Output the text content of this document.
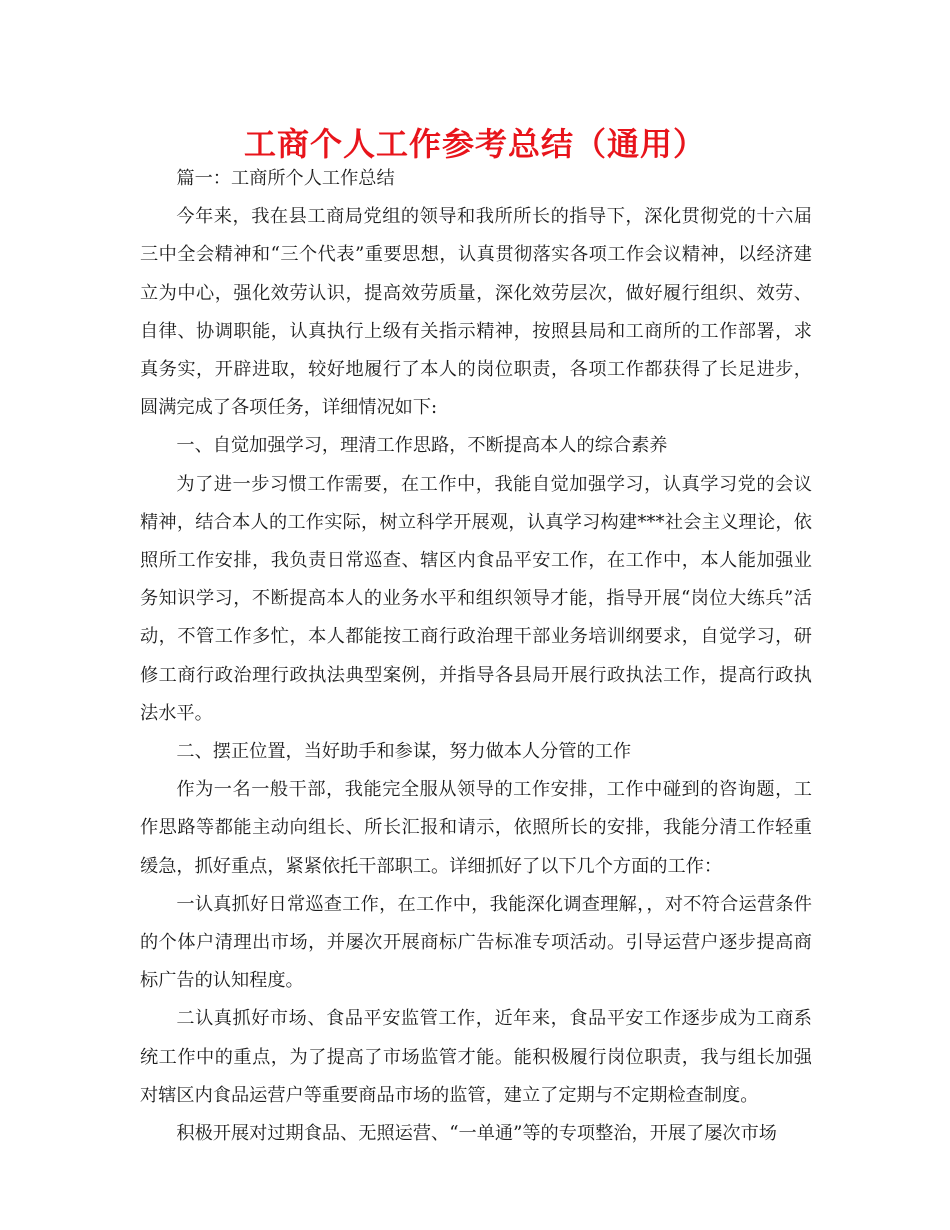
工商个人工作参考总结（通用）

篇一：工商所个人工作总结

今年来，我在县工商局党组的领导和我所所长的指导下，深化贯彻党的十六届三中全会精神和“三个代表”重要思想，认真贯彻落实各项工作会议精神，以经济建立为中心，强化效劳认识，提高效劳质量，深化效劳层次，做好履行组织、效劳、自律、协调职能，认真执行上级有关指示精神，按照县局和工商所的工作部署，求真务实，开辟进取，较好地履行了本人的岗位职责，各项工作都获得了长足进步，圆满完成了各项任务，详细情况如下:

一、自觉加强学习，理清工作思路，不断提高本人的综合素养

为了进一步习惯工作需要，在工作中，我能自觉加强学习，认真学习党的会议精神，结合本人的工作实际，树立科学开展观，认真学习构建***社会主义理论，依照所工作安排，我负责日常巡查、辖区内食品平安工作，在工作中，本人能加强业务知识学习，不断提高本人的业务水平和组织领导才能，指导开展“岗位大练兵”活动，不管工作多忙，本人都能按工商行政治理干部业务培训纲要求，自觉学习，研修工商行政治理行政执法典型案例，并指导各县局开展行政执法工作，提高行政执法水平。

二、摆正位置，当好助手和参谋，努力做本人分管的工作

作为一名一般干部，我能完全服从领导的工作安排，工作中碰到的咨询题，工作思路等都能主动向组长、所长汇报和请示，依照所长的安排，我能分清工作轻重缓急，抓好重点，紧紧依托干部职工。详细抓好了以下几个方面的工作：

一认真抓好日常巡查工作，在工作中，我能深化调查理解，，对不符合运营条件的个体户清理出市场，并屡次开展商标广告标准专项活动。引导运营户逐步提高商标广告的认知程度。

二认真抓好市场、食品平安监管工作，近年来，食品平安工作逐步成为工商系统工作中的重点，为了提高了市场监管才能。能积极履行岗位职责，我与组长加强对辖区内食品运营户等重要商品市场的监管，建立了定期与不定期检查制度。

积极开展对过期食品、无照运营、“一单通”等的专项整治，开展了屡次市场
